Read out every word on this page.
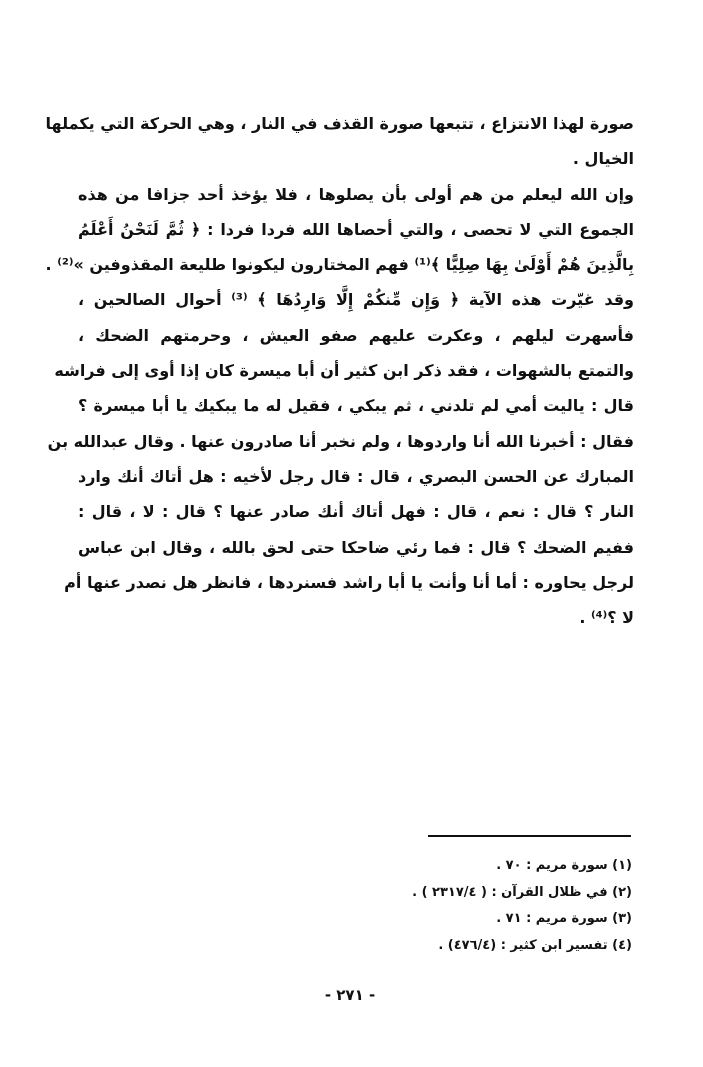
صورة لهذا الانتزاع ، تتبعها صورة القذف في النار ، وهي الحركة التي يكملها
الخيال .
وإن الله ليعلم من هم أولى بأن يصلوها ، فلا يؤخذ أحد جزافا من هذه
الجموع التي لا تحصى ، والتي أحصاها الله فردا فردا : ﴿ ثُمَّ لَنَحْنُ أَعْلَمُ
بِالَّذِينَ هُمْ أَوْلَىٰ بِهَا صِلِيًّا ﴾⁽¹⁾ فهم المختارون ليكونوا طليعة المقذوفين »⁽²⁾ .
وقد غيّرت هذه الآية ﴿ وَإِن مِّنكُمْ إِلَّا وَارِدُهَا ﴾ ⁽³⁾ أحوال الصالحين ،
فأسهرت ليلهم ، وعكرت عليهم صفو العيش ، وحرمتهم الضحك ،
والتمتع بالشهوات ، فقد ذكر ابن كثير أن أبا ميسرة كان إذا أوى إلى فراشه
قال : ياليت أمي لم تلدني ، ثم يبكي ، فقيل له ما يبكيك يا أبا ميسرة ؟
فقال : أخبرنا الله أنا واردوها ، ولم نخبر أنا صادرون عنها . وقال عبدالله بن
المبارك عن الحسن البصري ، قال : قال رجل لأخيه : هل أتاك أنك وارد
النار ؟ قال : نعم ، قال : فهل أتاك أنك صادر عنها ؟ قال : لا ، قال :
ففيم الضحك ؟ قال : فما رئي ضاحكا حتى لحق بالله ، وقال ابن عباس
لرجل يحاوره : أما أنا وأنت يا أبا راشد فسنردها ، فانظر هل نصدر عنها أم
لا ؟⁽⁴⁾ .
(١) سورة مريم : ٧٠ .
(٢) في ظلال القرآن : ( ٢٣١٧/٤ ) .
(٣) سورة مريم : ٧١ .
(٤) تفسير ابن كثير : (٤٧٦/٤) .
- ٢٧١ -
